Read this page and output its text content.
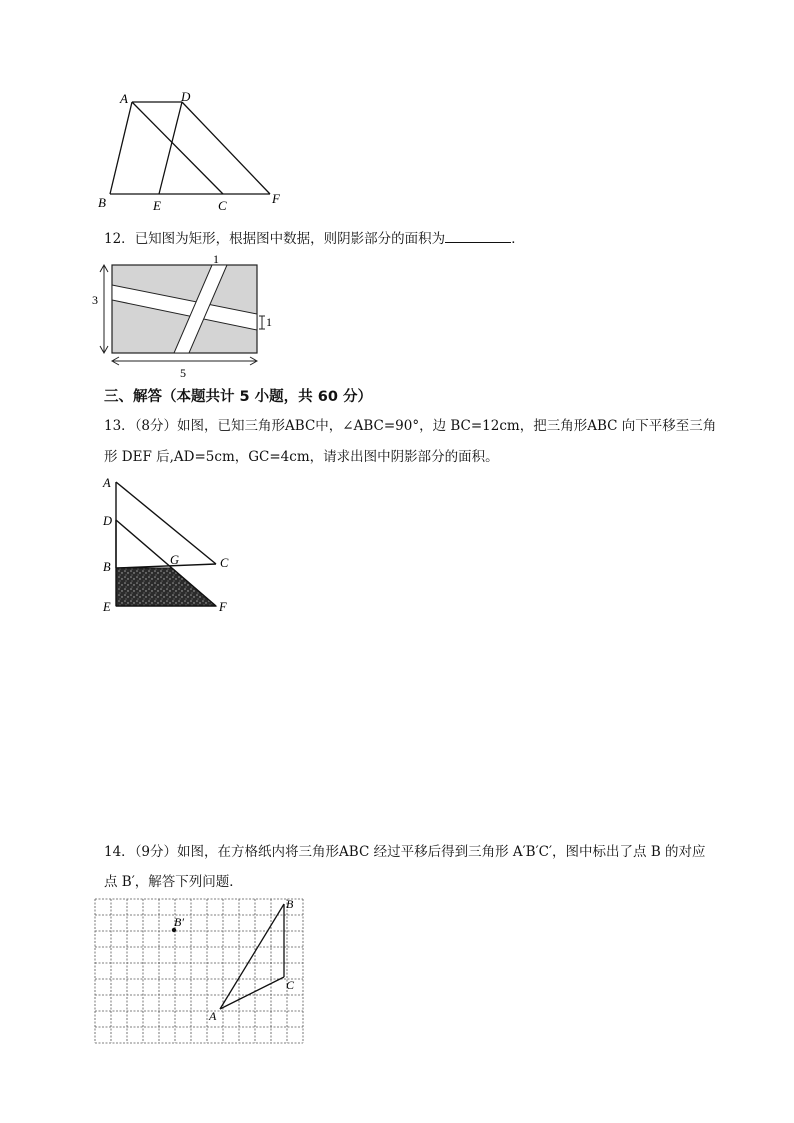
A	D
B	E	C	F
12．已知图为矩形，根据图中数据，则阴影部分的面积为	．
3
5
1
1
三、解答（本题共计 5 小题，共 60 分）
13．（8分）如图，已知三角形ABC中，∠ABC=90°，边 BC=12cm，把三角形ABC 向下平移至三角
形 DEF 后,AD=5cm，GC=4cm，请求出图中阴影部分的面积。
A
D
G	C
B
E	F
14．（9分）如图，在方格纸内将三角形ABC 经过平移后得到三角形 A′B′C′，图中标出了点 B 的对应
点 B′，解答下列问题．
B′
B
C
A
